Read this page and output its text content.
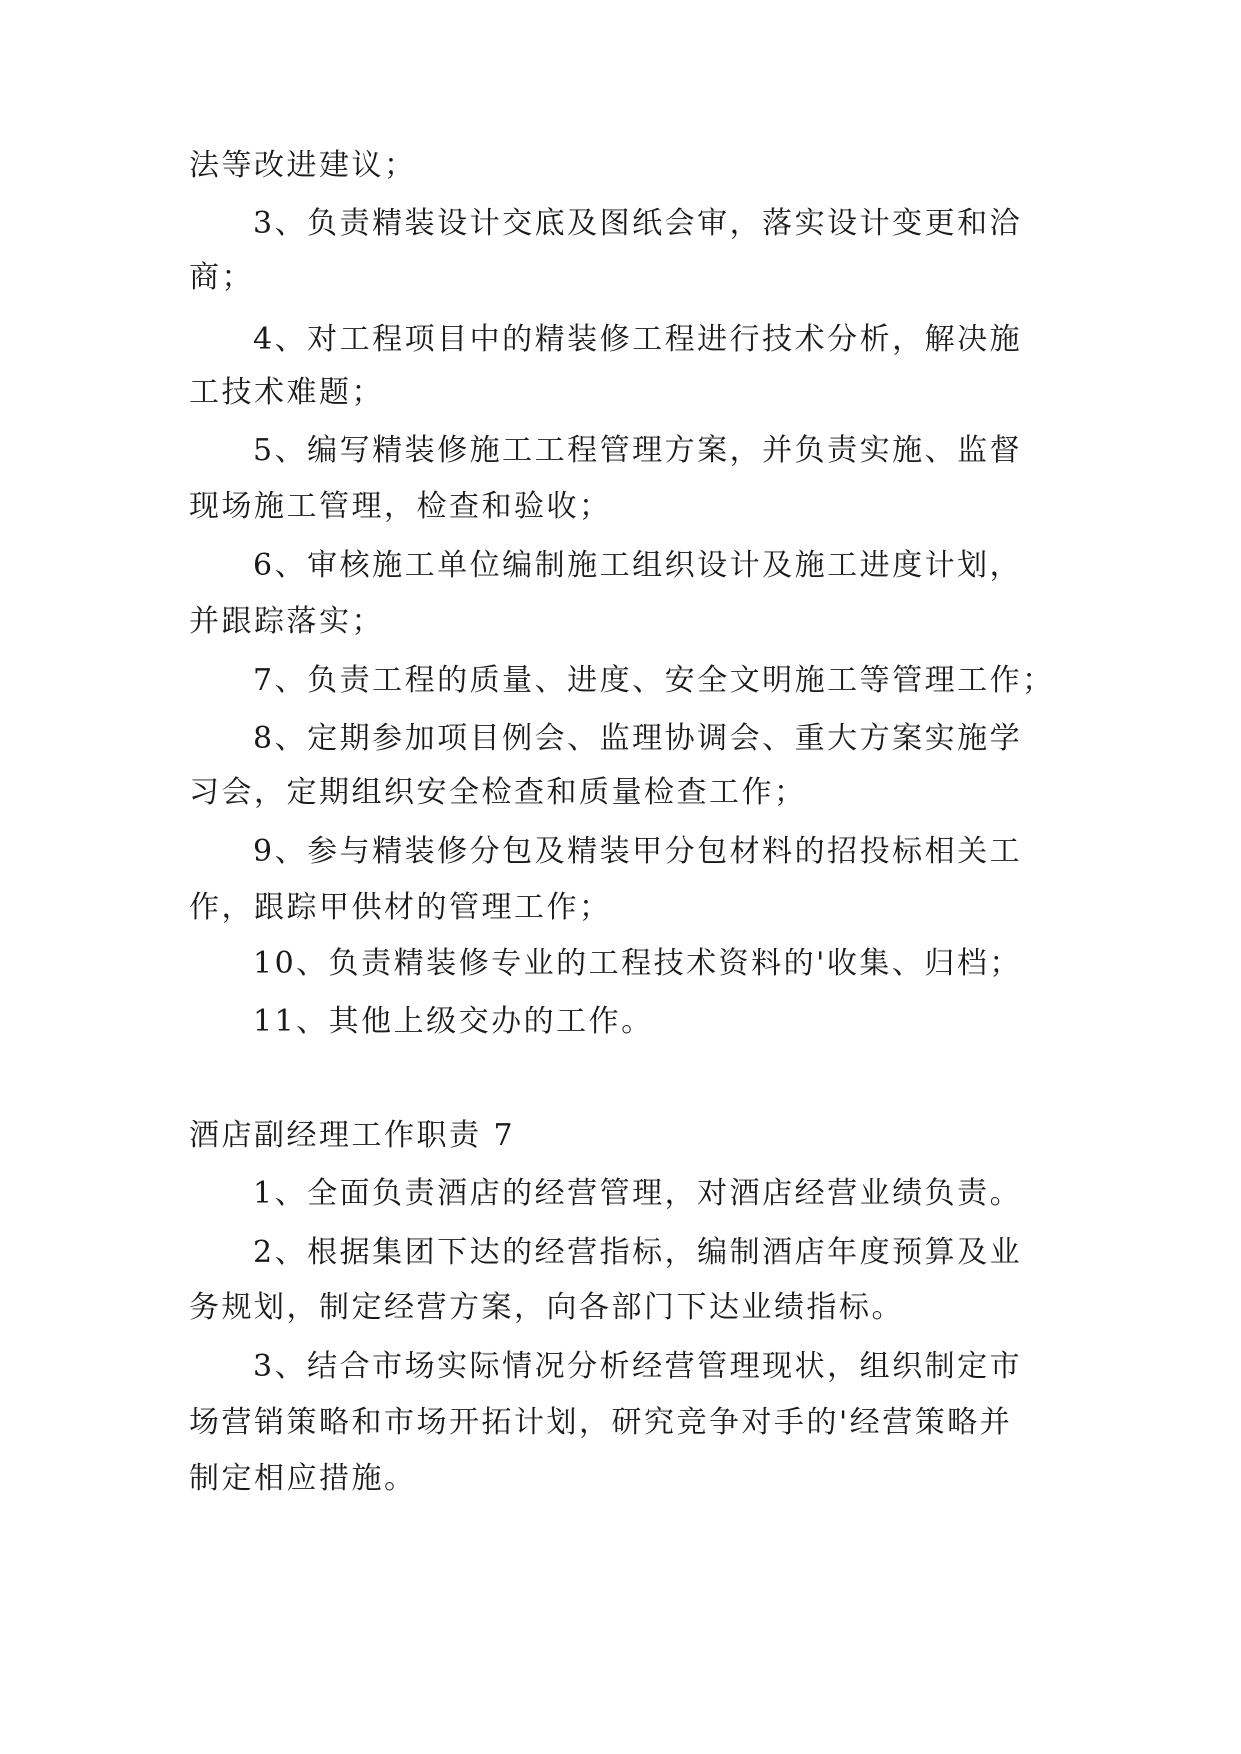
法等改进建议；
3、负责精装设计交底及图纸会审，落实设计变更和洽
商；
4、对工程项目中的精装修工程进行技术分析，解决施
工技术难题；
5、编写精装修施工工程管理方案，并负责实施、监督
现场施工管理，检查和验收；
6、审核施工单位编制施工组织设计及施工进度计划，
并跟踪落实；
7、负责工程的质量、进度、安全文明施工等管理工作；
8、定期参加项目例会、监理协调会、重大方案实施学
习会，定期组织安全检查和质量检查工作；
9、参与精装修分包及精装甲分包材料的招投标相关工
作，跟踪甲供材的管理工作；
10、负责精装修专业的工程技术资料的'收集、归档；
11、其他上级交办的工作。
酒店副经理工作职责 7
1、全面负责酒店的经营管理，对酒店经营业绩负责。
2、根据集团下达的经营指标，编制酒店年度预算及业
务规划，制定经营方案，向各部门下达业绩指标。
3、结合市场实际情况分析经营管理现状，组织制定市
场营销策略和市场开拓计划，研究竞争对手的'经营策略并
制定相应措施。
